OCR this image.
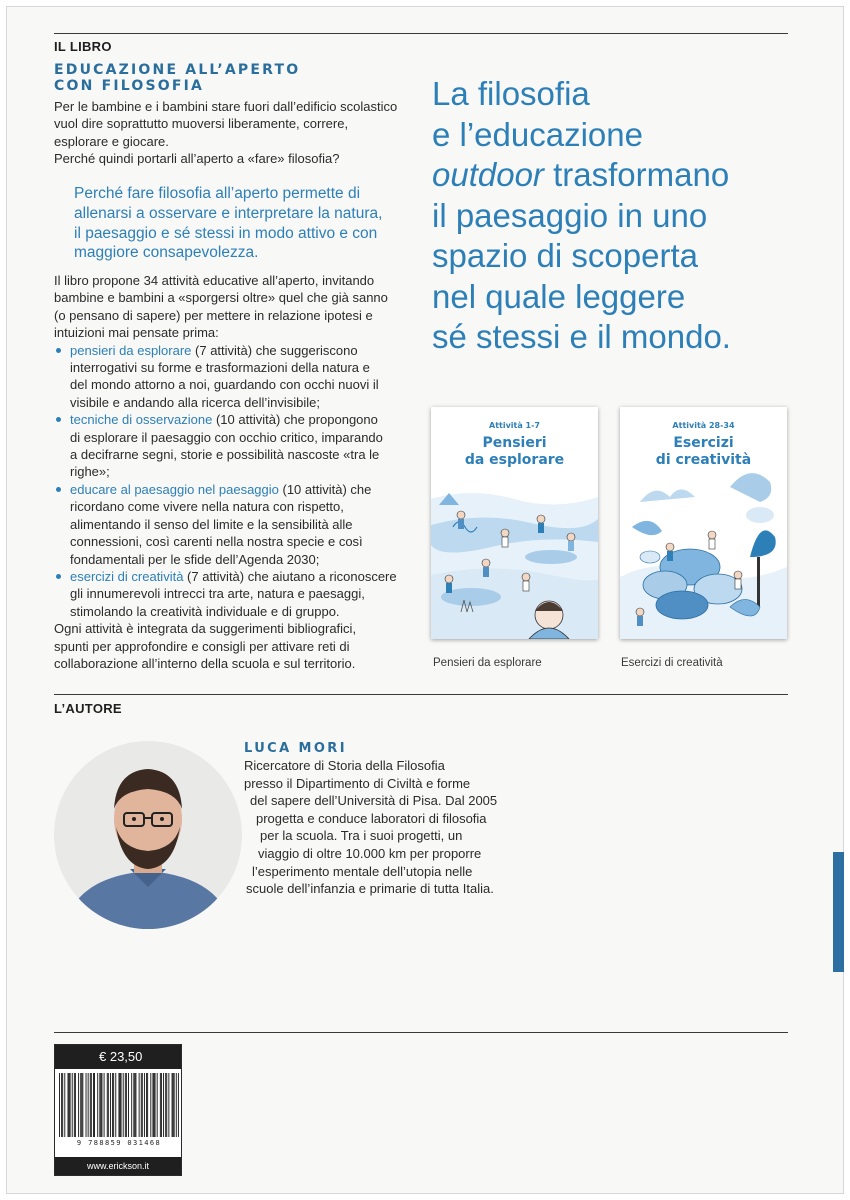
IL LIBRO
EDUCAZIONE ALL’APERTO
CON FILOSOFIA
Per le bambine e i bambini stare fuori dall’edificio scolastico
vuol dire soprattutto muoversi liberamente, correre,
esplorare e giocare.
Perché quindi portarli all’aperto a «fare» filosofia?
Perché fare filosofia all’aperto permette di
allenarsi a osservare e interpretare la natura,
il paesaggio e sé stessi in modo attivo e con
maggiore consapevolezza.
Il libro propone 34 attività educative all’aperto, invitando
bambine e bambini a «sporgersi oltre» quel che già sanno
(o pensano di sapere) per mettere in relazione ipotesi e
intuizioni mai pensate prima:
pensieri da esplorare (7 attività) che suggeriscono
interrogativi su forme e trasformazioni della natura e
del mondo attorno a noi, guardando con occhi nuovi il
visibile e andando alla ricerca dell’invisibile;
tecniche di osservazione (10 attività) che propongono
di esplorare il paesaggio con occhio critico, imparando
a decifrarne segni, storie e possibilità nascoste «tra le
righe»;
educare al paesaggio nel paesaggio (10 attività) che
ricordano come vivere nella natura con rispetto,
alimentando il senso del limite e la sensibilità alle
connessioni, così carenti nella nostra specie e così
fondamentali per le sfide dell’Agenda 2030;
esercizi di creatività (7 attività) che aiutano a riconoscere
gli innumerevoli intrecci tra arte, natura e paesaggi,
stimolando la creatività individuale e di gruppo.
Ogni attività è integrata da suggerimenti bibliografici,
spunti per approfondire e consigli per attivare reti di
collaborazione all’interno della scuola e sul territorio.
La filosofia
e l’educazione
outdoor trasformano
il paesaggio in uno
spazio di scoperta
nel quale leggere
sé stessi e il mondo.
Attività 1-7
Pensieri
da esplorare
Pensieri da esplorare
Attività 28-34
Esercizi
di creatività
Esercizi di creatività
L’AUTORE
LUCA MORI
Ricercatore di Storia della Filosofia
presso il Dipartimento di Civiltà e forme
del sapere dell’Università di Pisa. Dal 2005
progetta e conduce laboratori di filosofia
per la scuola. Tra i suoi progetti, un
viaggio di oltre 10.000 km per proporre
l’esperimento mentale dell’utopia nelle
scuole dell’infanzia e primarie di tutta Italia.
€ 23,50
9 788859 031468
www.erickson.it
